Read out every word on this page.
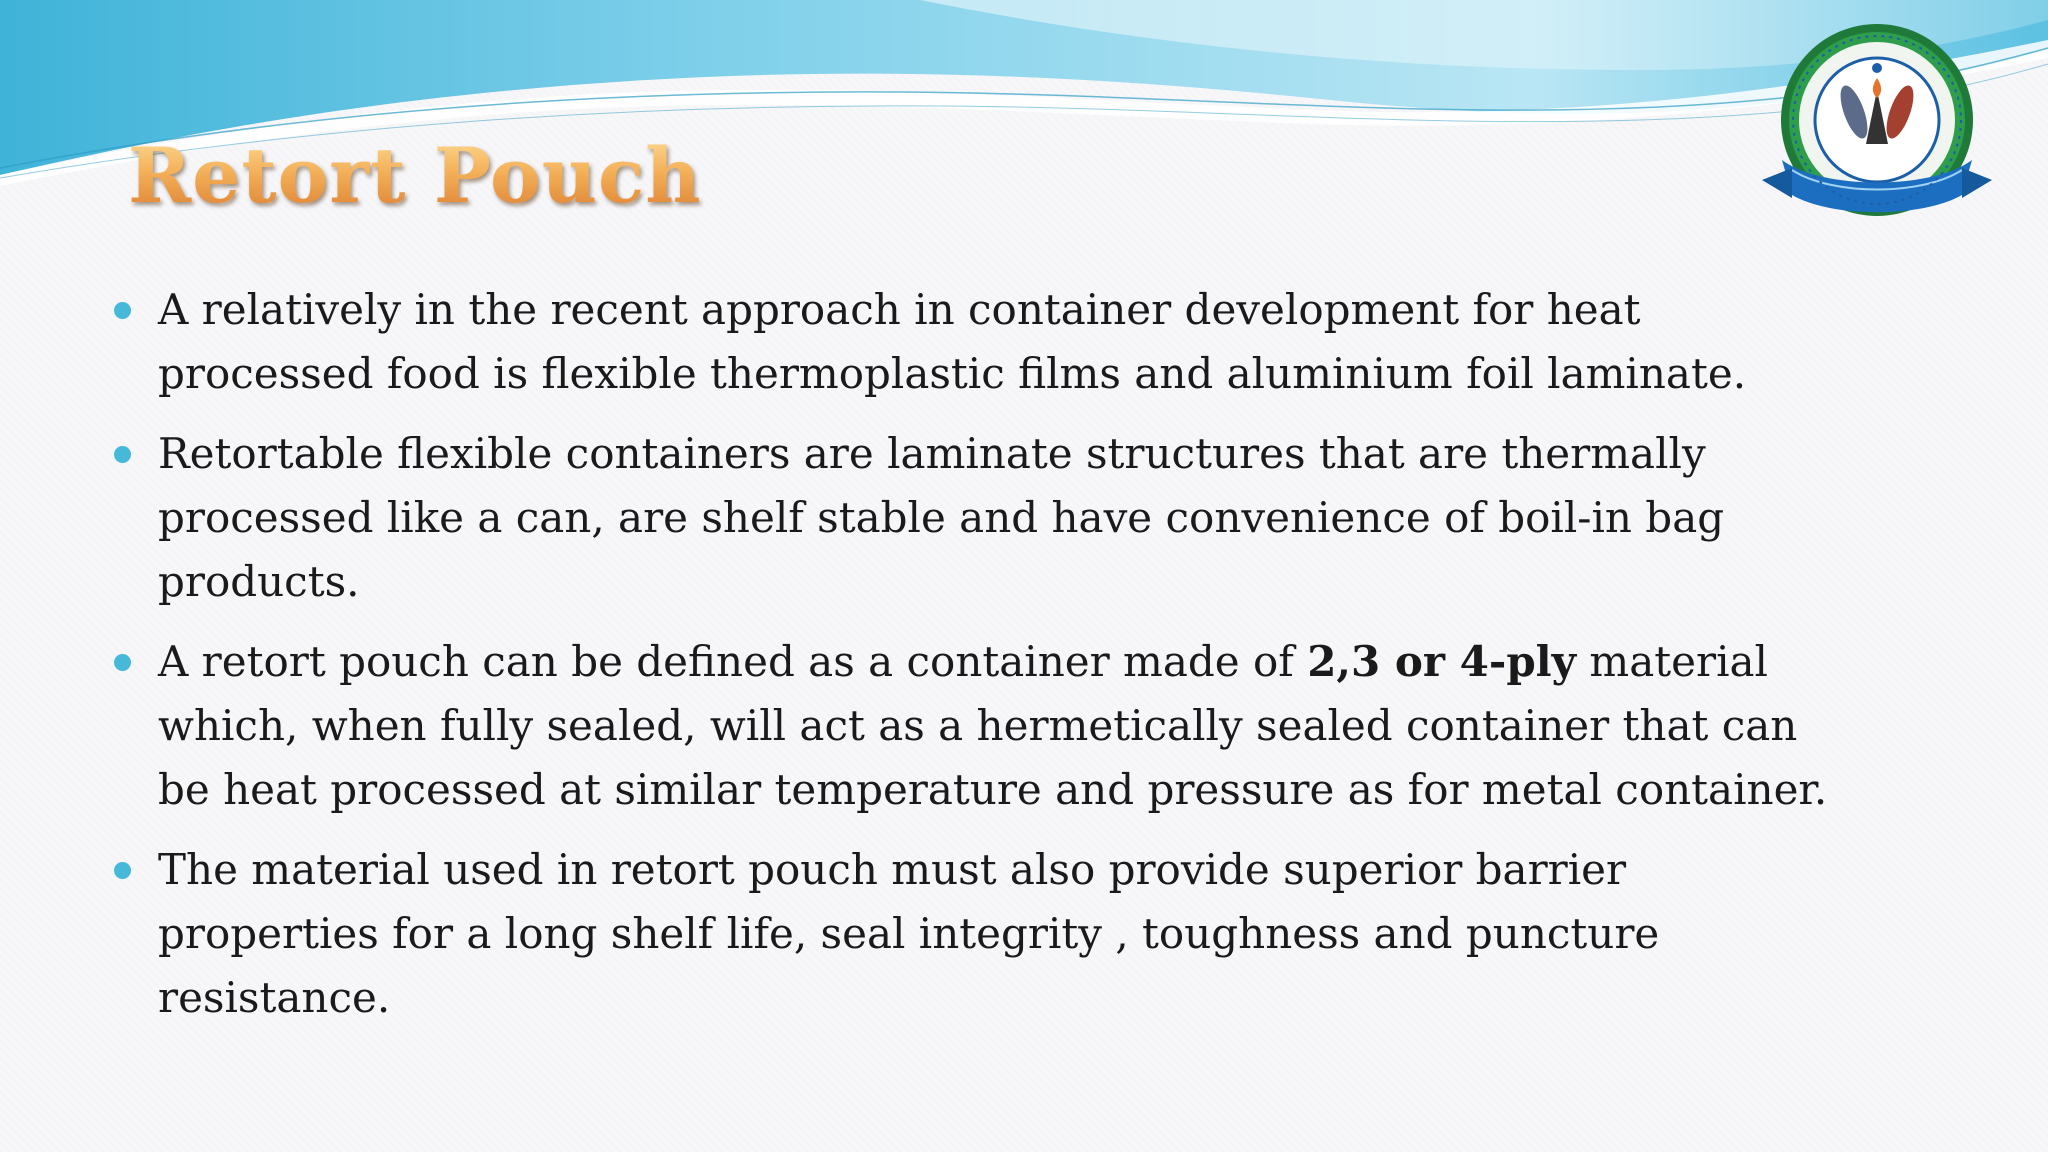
Retort Pouch
A relatively in the recent approach in container development for heat processed food is flexible thermoplastic films and aluminium foil laminate.
Retortable flexible containers are laminate structures that are thermally processed like a can, are shelf stable and have convenience of boil-in bag products.
A retort pouch can be defined as a container made of 2,3 or 4-ply material which, when fully sealed, will act as a hermetically sealed container that can be heat processed at similar temperature and pressure as for metal container.
The material used in retort pouch must also provide superior barrier properties for a long shelf life, seal integrity , toughness and puncture resistance.
